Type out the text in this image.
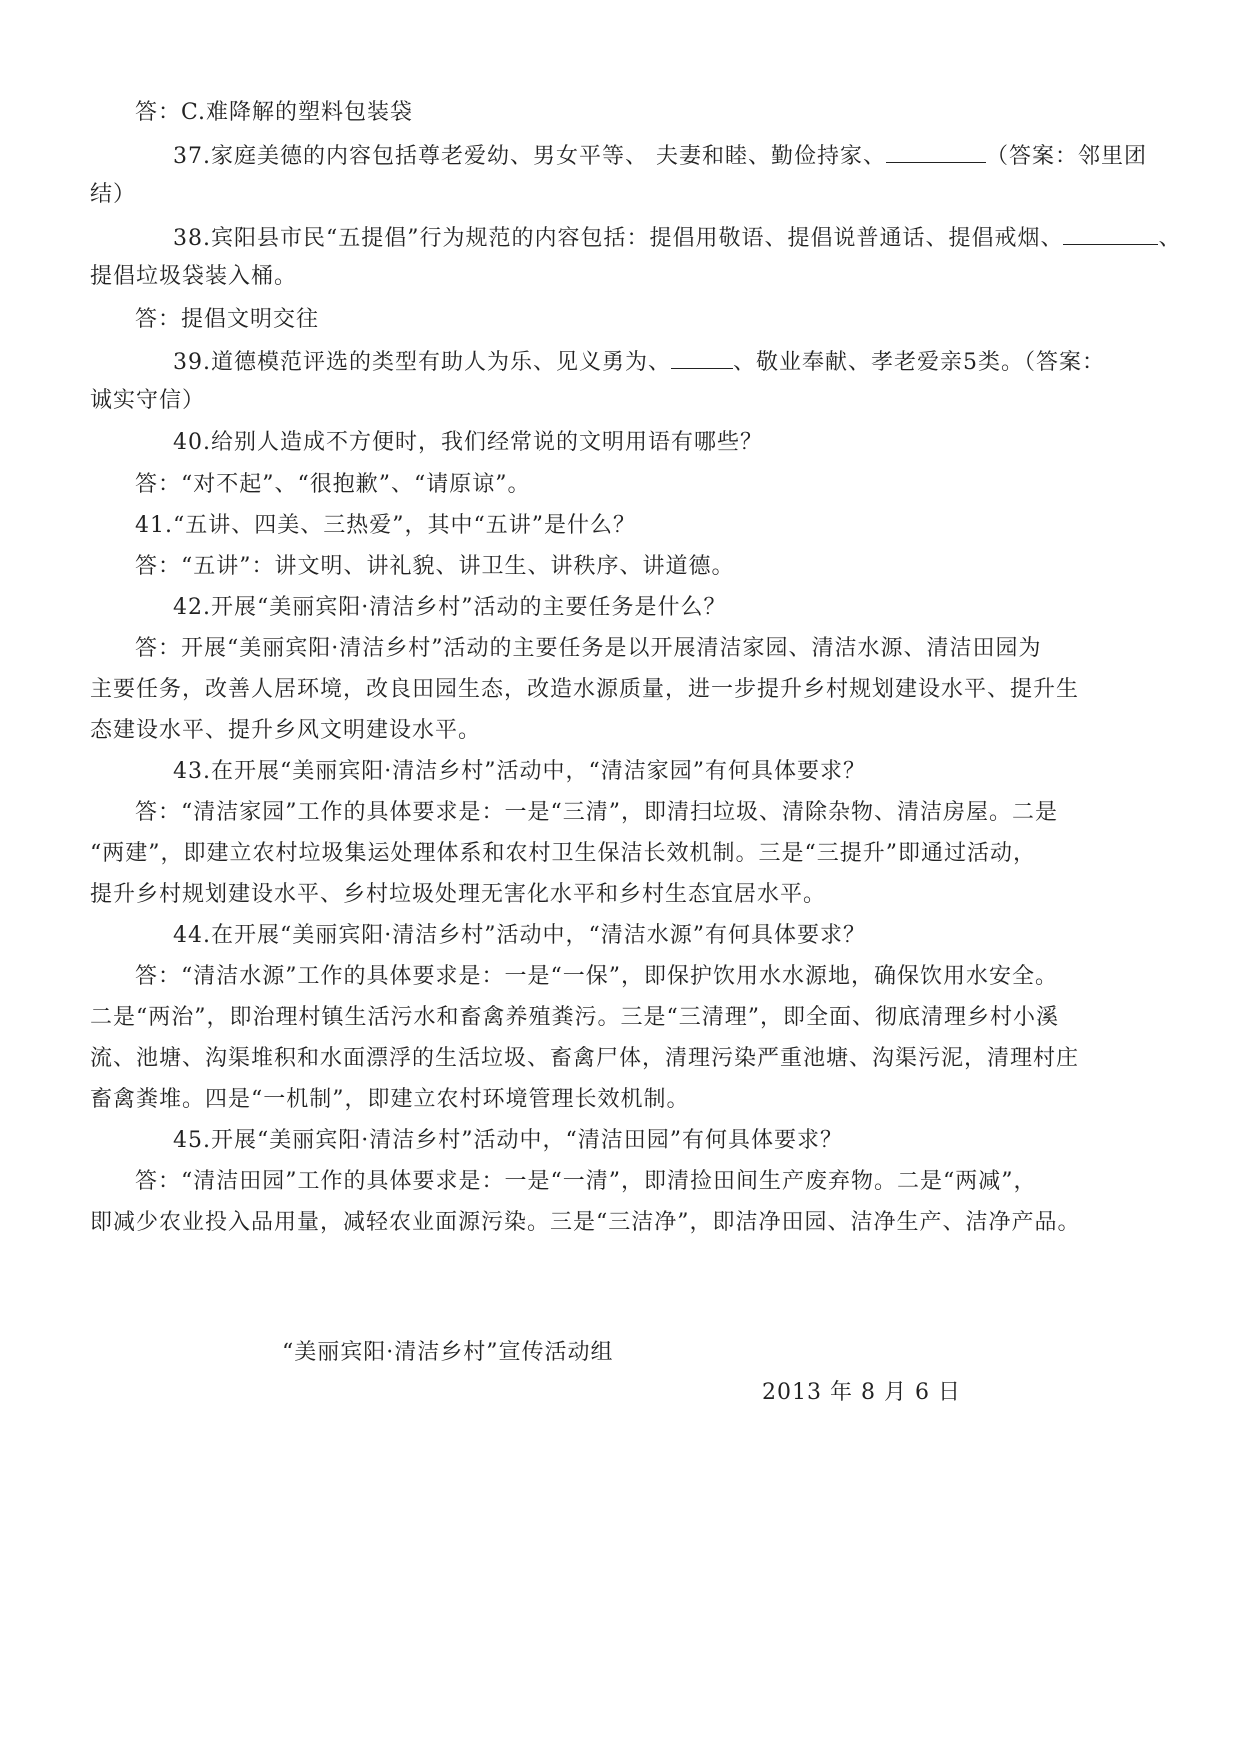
答：C.难降解的塑料包装袋
37.家庭美德的内容包括尊老爱幼、男女平等、 夫妻和睦、勤俭持家、	（答案：邻里团
结）
38.宾阳县市民“五提倡”行为规范的内容包括：提倡用敬语、提倡说普通话、提倡戒烟、	、
提倡垃圾袋装入桶。
答：提倡文明交往
39.道德模范评选的类型有助人为乐、见义勇为、	、敬业奉献、孝老爱亲5类。（答案：
诚实守信）
40.给别人造成不方便时，我们经常说的文明用语有哪些？
答：“对不起”、“很抱歉”、“请原谅”。
41.“五讲、四美、三热爱”，其中“五讲”是什么？
答：“五讲”：讲文明、讲礼貌、讲卫生、讲秩序、讲道德。
42.开展“美丽宾阳·清洁乡村”活动的主要任务是什么？
答：开展“美丽宾阳·清洁乡村”活动的主要任务是以开展清洁家园、清洁水源、清洁田园为
主要任务，改善人居环境，改良田园生态，改造水源质量，进一步提升乡村规划建设水平、提升生
态建设水平、提升乡风文明建设水平。
43.在开展“美丽宾阳·清洁乡村”活动中，“清洁家园”有何具体要求？
答：“清洁家园”工作的具体要求是：一是“三清”，即清扫垃圾、清除杂物、清洁房屋。二是
“两建”，即建立农村垃圾集运处理体系和农村卫生保洁长效机制。三是“三提升”即通过活动，
提升乡村规划建设水平、乡村垃圾处理无害化水平和乡村生态宜居水平。
44.在开展“美丽宾阳·清洁乡村”活动中，“清洁水源”有何具体要求？
答：“清洁水源”工作的具体要求是：一是“一保”，即保护饮用水水源地，确保饮用水安全。
二是“两治”，即治理村镇生活污水和畜禽养殖粪污。三是“三清理”，即全面、彻底清理乡村小溪
流、池塘、沟渠堆积和水面漂浮的生活垃圾、畜禽尸体，清理污染严重池塘、沟渠污泥，清理村庄
畜禽粪堆。四是“一机制”，即建立农村环境管理长效机制。
45.开展“美丽宾阳·清洁乡村”活动中，“清洁田园”有何具体要求？
答：“清洁田园”工作的具体要求是：一是“一清”，即清捡田间生产废弃物。二是“两减”，
即减少农业投入品用量，减轻农业面源污染。三是“三洁净”，即洁净田园、洁净生产、洁净产品。
“美丽宾阳·清洁乡村”宣传活动组
2013 年 8 月 6 日
